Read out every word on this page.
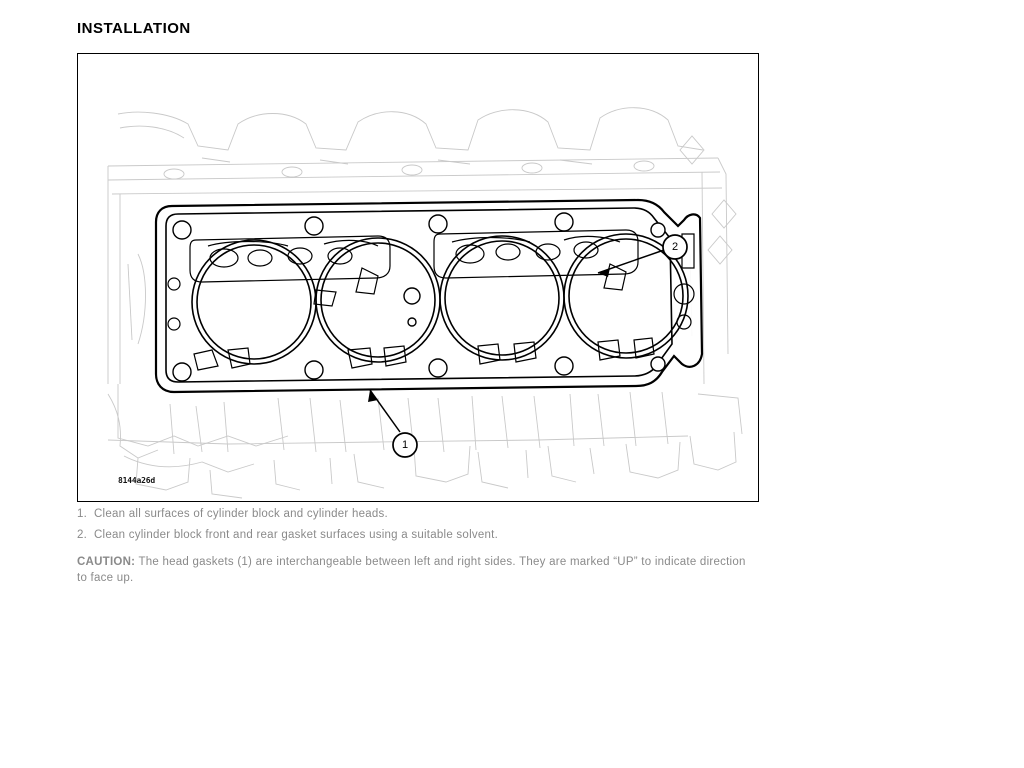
INSTALLATION
2
1
8144a26d
1. Clean all surfaces of cylinder block and cylinder heads.
2. Clean cylinder block front and rear gasket surfaces using a suitable solvent.
CAUTION: The head gaskets (1) are interchangeable between left and right sides. They are marked “UP” to indicate direction to face up.
